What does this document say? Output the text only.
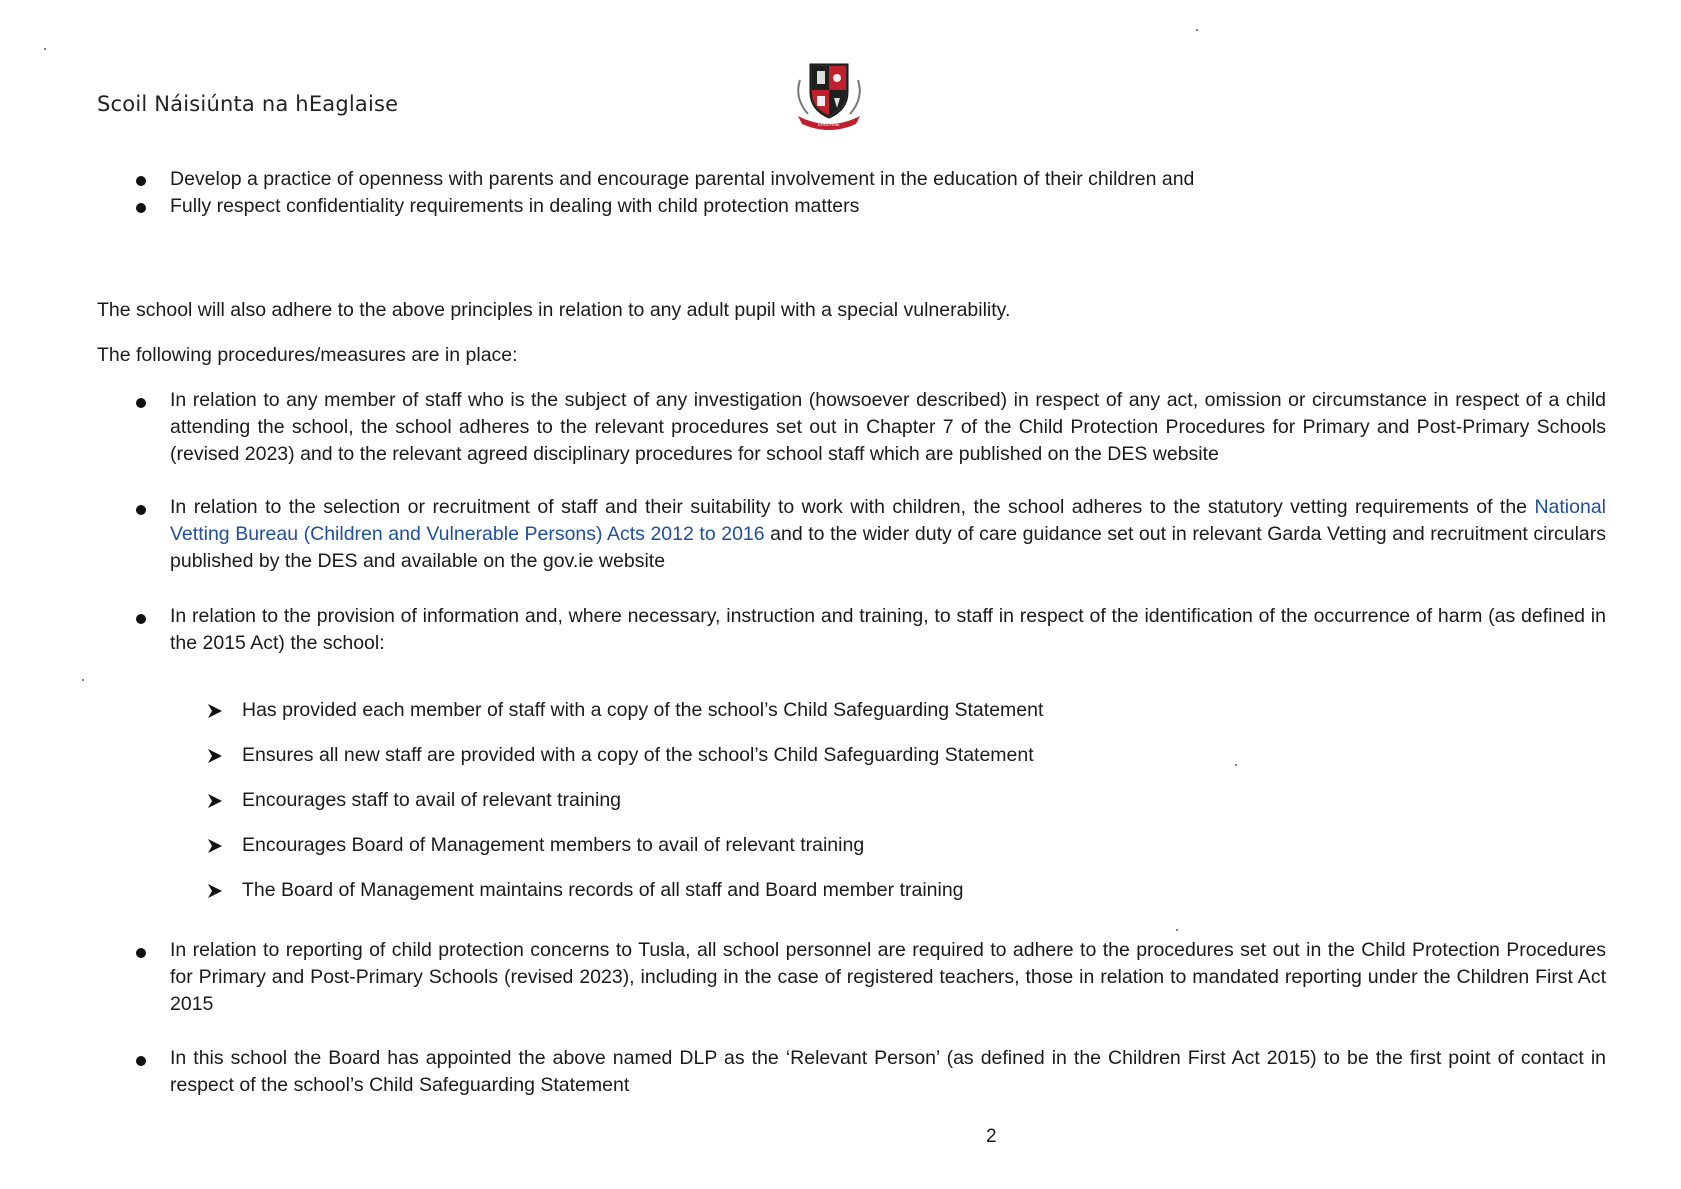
Scoil Náisiúnta na hEaglaise
EAGLAISE
Develop a practice of openness with parents and encourage parental involvement in the education of their children and
Fully respect confidentiality requirements in dealing with child protection matters
The school will also adhere to the above principles in relation to any adult pupil with a special vulnerability.
The following procedures/measures are in place:
In relation to any member of staff who is the subject of any investigation (howsoever described) in respect of any act, omission or circumstance in respect of a child attending the school, the school adheres to the relevant procedures set out in Chapter 7 of the Child Protection Procedures for Primary and Post-Primary Schools (revised 2023) and to the relevant agreed disciplinary procedures for school staff which are published on the DES website
In relation to the selection or recruitment of staff and their suitability to work with children, the school adheres to the statutory vetting requirements of the National Vetting Bureau (Children and Vulnerable Persons) Acts 2012 to 2016 and to the wider duty of care guidance set out in relevant Garda Vetting and recruitment circulars published by the DES and available on the gov.ie website
In relation to the provision of information and, where necessary, instruction and training, to staff in respect of the identification of the occurrence of harm (as defined in the 2015 Act) the school:
Has provided each member of staff with a copy of the school’s Child Safeguarding Statement
Ensures all new staff are provided with a copy of the school’s Child Safeguarding Statement
Encourages staff to avail of relevant training
Encourages Board of Management members to avail of relevant training
The Board of Management maintains records of all staff and Board member training
In relation to reporting of child protection concerns to Tusla, all school personnel are required to adhere to the procedures set out in the Child Protection Procedures for Primary and Post-Primary Schools (revised 2023), including in the case of registered teachers, those in relation to mandated reporting under the Children First Act 2015
In this school the Board has appointed the above named DLP as the ‘Relevant Person’ (as defined in the Children First Act 2015) to be the first point of contact in respect of the school’s Child Safeguarding Statement
2
